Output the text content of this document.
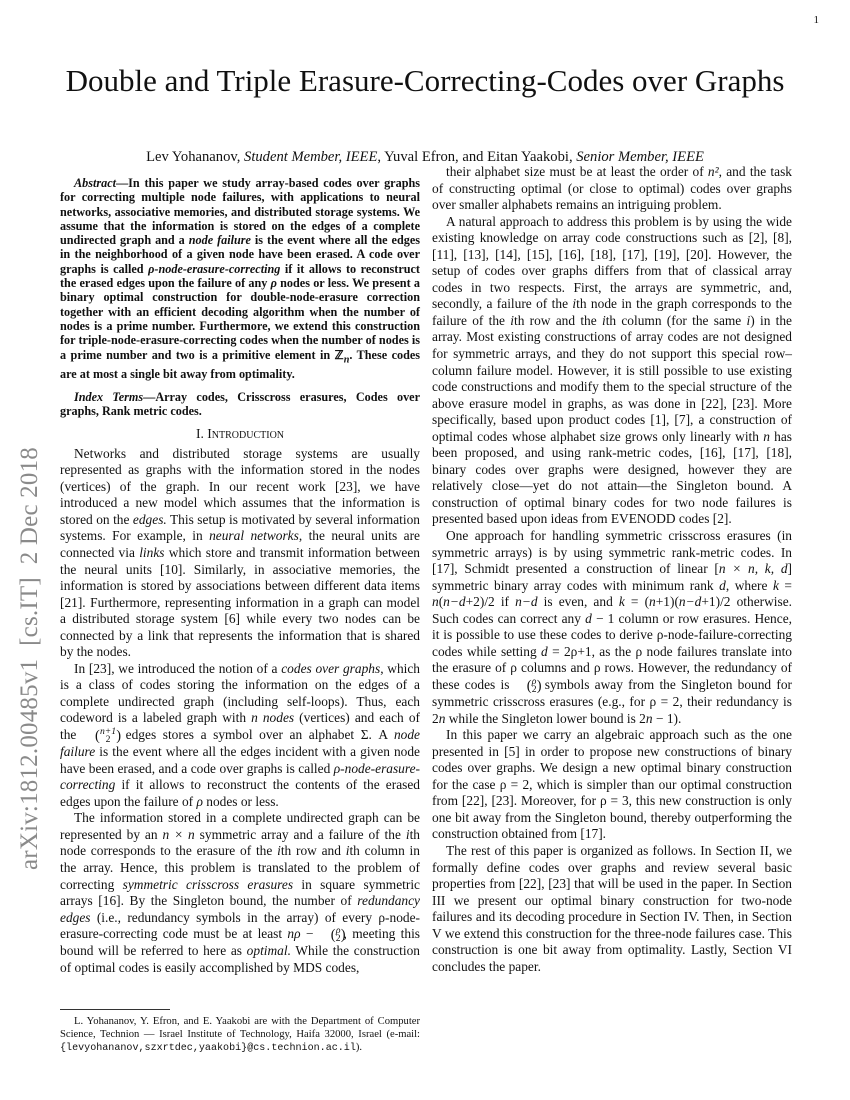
1
arXiv:1812.00485v1  [cs.IT]  2 Dec 2018
Double and Triple Erasure-Correcting-Codes over Graphs
Lev Yohananov, Student Member, IEEE, Yuval Efron, and Eitan Yaakobi, Senior Member, IEEE

Abstract—In this paper we study array-based codes over graphs for correcting multiple node failures, with applications to neural networks, associative memories, and distributed storage systems. We assume that the information is stored on the edges of a complete undirected graph and a node failure is the event where all the edges in the neighborhood of a given node have been erased. A code over graphs is called ρ-node-erasure-correcting if it allows to reconstruct the erased edges upon the failure of any ρ nodes or less. We present a binary optimal construction for double-node-erasure correction together with an efficient decoding algorithm when the number of nodes is a prime number. Furthermore, we extend this construction for triple-node-erasure-correcting codes when the number of nodes is a prime number and two is a primitive element in ℤ$_n$. These codes are at most a single bit away from optimality.

Index Terms—Array codes, Crisscross erasures, Codes over graphs, Rank metric codes.

I. Introduction

Networks and distributed storage systems are usually represented as graphs with the information stored in the nodes (vertices) of the graph. In our recent work [23], we have introduced a new model which assumes that the information is stored on the edges. This setup is motivated by several information systems. For example, in neural networks, the neural units are connected via links which store and transmit information between the neural units [10]. Similarly, in associative memories, the information is stored by associations between different data items [21]. Furthermore, representing information in a graph can model a distributed storage system [6] while every two nodes can be connected by a link that represents the information that is shared by the nodes.

In [23], we introduced the notion of a codes over graphs, which is a class of codes storing the information on the edges of a complete undirected graph (including self-loops). Thus, each codeword is a labeled graph with n nodes (vertices) and each of the	( n+1
2
) edges stores a symbol over an alphabet Σ. A node failure is the event where all the edges incident with a given node have been erased, and a code over graphs is called ρ-node-erasure-correcting if it allows to reconstruct the contents of the erased edges upon the failure of ρ nodes or less.

The information stored in a complete undirected graph can be represented by an n × n symmetric array and a failure of the ith node corresponds to the erasure of the ith row and ith column in the array. Hence, this problem is translated to the problem of correcting symmetric crisscross erasures in square symmetric arrays [16]. By the Singleton bound, the number of redundancy edges (i.e., redundancy symbols in the array) of every ρ-node-erasure-correcting code must be at least nρ −	( ρ
2
) , meeting this bound will be referred to here as optimal. While the construction of optimal codes is easily accomplished by MDS codes,

L. Yohananov, Y. Efron, and E. Yaakobi are with the Department of Computer Science, Technion — Israel Institute of Technology, Haifa 32000, Israel (e-mail: {levyohananov,szxrtdec,yaakobi}@cs.technion.ac.il).

their alphabet size must be at least the order of n², and the task of constructing optimal (or close to optimal) codes over graphs over smaller alphabets remains an intriguing problem.

A natural approach to address this problem is by using the wide existing knowledge on array code constructions such as [2], [8], [11], [13], [14], [15], [16], [18], [17], [19], [20]. However, the setup of codes over graphs differs from that of classical array codes in two respects. First, the arrays are symmetric, and, secondly, a failure of the ith node in the graph corresponds to the failure of the ith row and the ith column (for the same i) in the array. Most existing constructions of array codes are not designed for symmetric arrays, and they do not support this special row–column failure model. However, it is still possible to use existing code constructions and modify them to the special structure of the above erasure model in graphs, as was done in [22], [23]. More specifically, based upon product codes [1], [7], a construction of optimal codes whose alphabet size grows only linearly with n has been proposed, and using rank-metric codes, [16], [17], [18], binary codes over graphs were designed, however they are relatively close—yet do not attain—the Singleton bound. A construction of optimal binary codes for two node failures is presented based upon ideas from EVENODD codes [2].

One approach for handling symmetric crisscross erasures (in symmetric arrays) is by using symmetric rank-metric codes. In [17], Schmidt presented a construction of linear [n × n, k, d] symmetric binary array codes with minimum rank d, where k = n(n−d+2)/2 if n−d is even, and k = (n+1)(n−d+1)/2 otherwise. Such codes can correct any d − 1 column or row erasures. Hence, it is possible to use these codes to derive ρ-node-failure-correcting codes while setting d = 2ρ+1, as the ρ node failures translate into the erasure of ρ columns and ρ rows. However, the redundancy of these codes is	( ρ
2
) symbols away from the Singleton bound for symmetric crisscross erasures (e.g., for ρ = 2, their redundancy is 2n while the Singleton lower bound is 2n − 1).

In this paper we carry an algebraic approach such as the one presented in [5] in order to propose new constructions of binary codes over graphs. We design a new optimal binary construction for the case ρ = 2, which is simpler than our optimal construction from [22], [23]. Moreover, for ρ = 3, this new construction is only one bit away from the Singleton bound, thereby outperforming the construction obtained from [17].

The rest of this paper is organized as follows. In Section II, we formally define codes over graphs and review several basic properties from [22], [23] that will be used in the paper. In Section III we present our optimal binary construction for two-node failures and its decoding procedure in Section IV. Then, in Section V we extend this construction for the three-node failures case. This construction is one bit away from optimality. Lastly, Section VI concludes the paper.
